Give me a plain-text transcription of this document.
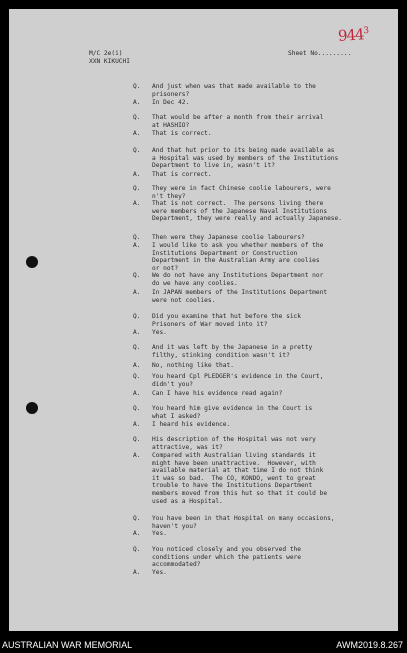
M/C 2e(i)
XXN KIKUCHI
Sheet No.........
$944^3$
Q.	And just when was that made available to the
prisoners?
A.	In Dec 42.
Q.	That would be after a month from their arrival
at HASHIO?
A.	That is correct.
Q.	And that hut prior to its being made available as
a Hospital was used by members of the Institutions
Department to live in, wasn't it?
A.	That is correct.
Q.	They were in fact Chinese coolie labourers, were
n't they?
A.	That is not correct.  The persons living there
were members of the Japanese Naval Institutions
Department, they were really and actually Japanese.
Q.	Then were they Japanese coolie labourers?
A.	I would like to ask you whether members of the
Institutions Department or Construction
Department in the Australian Army are coolies
or not?
Q.	We do not have any Institutions Department nor
do we have any coolies.
A.	In JAPAN members of the Institutions Department
were not coolies.
Q.	Did you examine that hut before the sick
Prisoners of War moved into it?
A.	Yes.
Q.	And it was left by the Japanese in a pretty
filthy, stinking condition wasn't it?
A.	No, nothing like that.
Q.	You heard Cpl PLEDGER's evidence in the Court,
didn't you?
A.	Can I have his evidence read again?
Q.	You heard him give evidence in the Court is
what I asked?
A.	I heard his evidence.
Q.	His description of the Hospital was not very
attractive, was it?
A.	Compared with Australian living standards it
might have been unattractive.  However, with
available material at that time I do not think
it was so bad.  The CO, KONDO, went to great
trouble to have the Institutions Department
members moved from this hut so that it could be
used as a Hospital.
Q.	You have been in that Hospital on many occasions,
haven't you?
A.	Yes.
Q.	You noticed closely and you observed the
conditions under which the patients were
accommodated?
A.	Yes.
AUSTRALIAN WAR MEMORIAL	AWM2019.8.267
